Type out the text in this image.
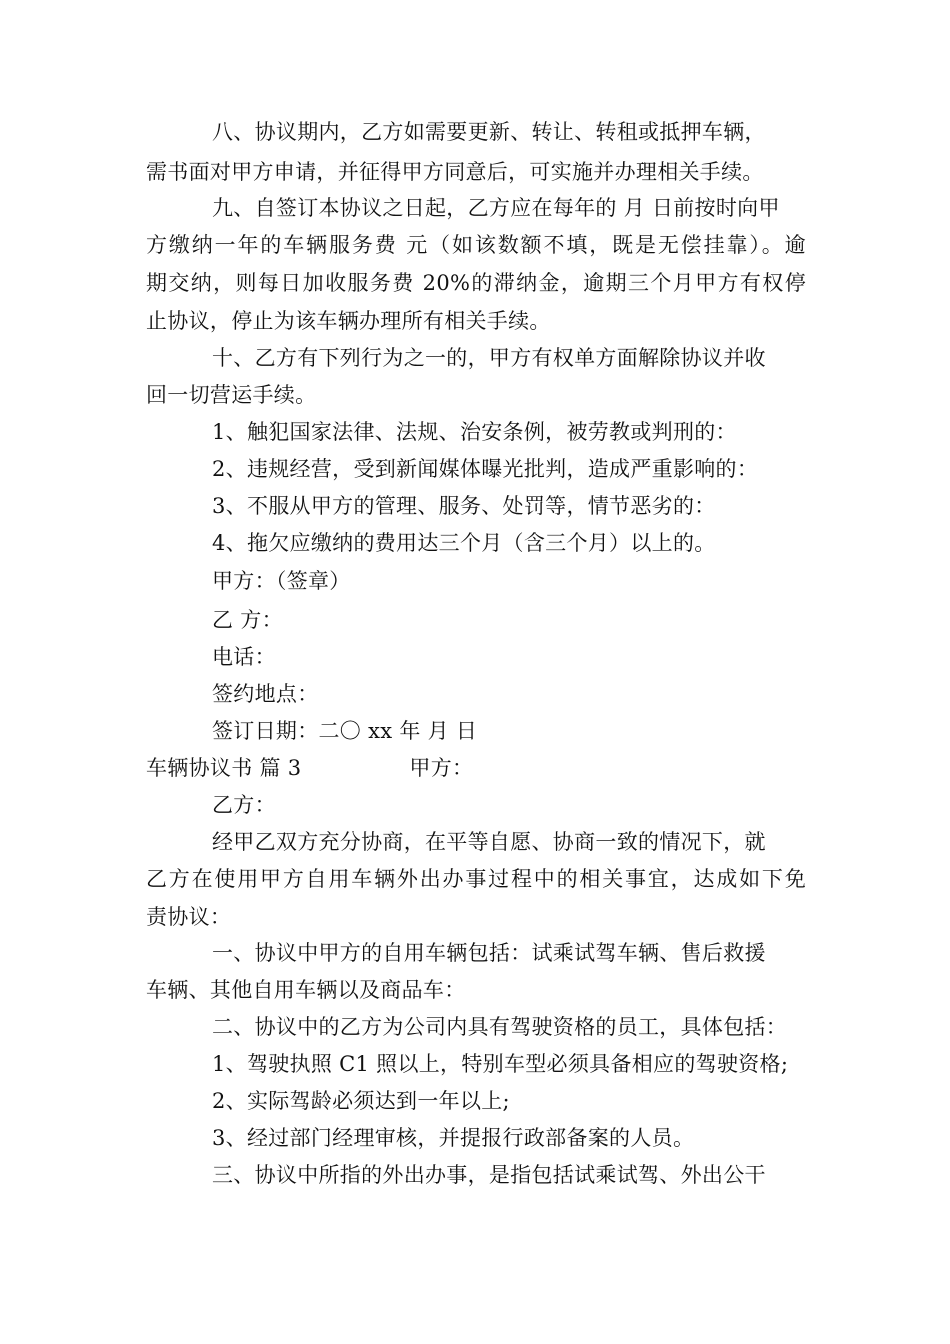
八、协议期内，乙方如需要更新、转让、转租或抵押车辆，
需书面对甲方申请，并征得甲方同意后，可实施并办理相关手续。
九、自签订本协议之日起，乙方应在每年的 月 日前按时向甲
方缴纳一年的车辆服务费 元（如该数额不填，既是无偿挂靠）。逾
期交纳，则每日加收服务费 20%的滞纳金，逾期三个月甲方有权停
止协议，停止为该车辆办理所有相关手续。
十、乙方有下列行为之一的，甲方有权单方面解除协议并收
回一切营运手续。
1、触犯国家法律、法规、治安条例，被劳教或判刑的：
2、违规经营，受到新闻媒体曝光批判，造成严重影响的：
3、不服从甲方的管理、服务、处罚等，情节恶劣的：
4、拖欠应缴纳的费用达三个月（含三个月）以上的。
甲方：（签章）
乙 方：
电话：
签约地点：
签订日期：二〇 xx 年 月 日
车辆协议书 篇 3	甲方：
乙方：
经甲乙双方充分协商，在平等自愿、协商一致的情况下，就
乙方在使用甲方自用车辆外出办事过程中的相关事宜，达成如下免
责协议：
一、协议中甲方的自用车辆包括：试乘试驾车辆、售后救援
车辆、其他自用车辆以及商品车：
二、协议中的乙方为公司内具有驾驶资格的员工，具体包括：
1、驾驶执照 C1 照以上，特别车型必须具备相应的驾驶资格;
2、实际驾龄必须达到一年以上;
3、经过部门经理审核，并提报行政部备案的人员。
三、协议中所指的外出办事，是指包括试乘试驾、外出公干
